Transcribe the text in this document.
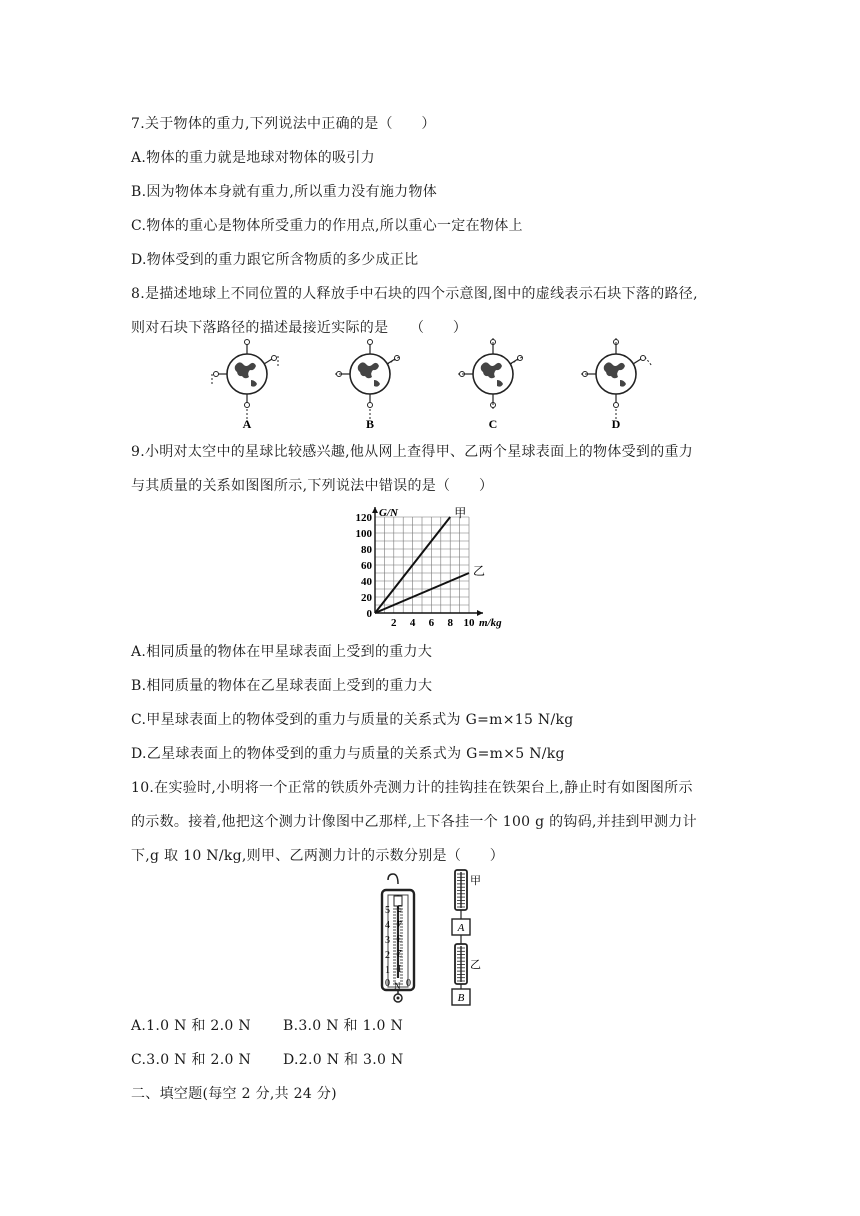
7.关于物体的重力,下列说法中正确的是（　　）
A.物体的重力就是地球对物体的吸引力
B.因为物体本身就有重力,所以重力没有施力物体
C.物体的重心是物体所受重力的作用点,所以重心一定在物体上
D.物体受到的重力跟它所含物质的多少成正比
8.是描述地球上不同位置的人释放手中石块的四个示意图,图中的虚线表示石块下落的路径,
则对石块下落路径的描述最接近实际的是　　（　　）
A	B	C	D
9.小明对太空中的星球比较感兴趣,他从网上查得甲、乙两个星球表面上的物体受到的重力
与其质量的关系如图图所示,下列说法中错误的是（　　）
0
20
40
60
80
100
120
2 4 6 8 10 m/kg
G/N	甲
乙
A.相同质量的物体在甲星球表面上受到的重力大
B.相同质量的物体在乙星球表面上受到的重力大
C.甲星球表面上的物体受到的重力与质量的关系式为 G=m×15 N/kg
D.乙星球表面上的物体受到的重力与质量的关系式为 G=m×5 N/kg
10.在实验时,小明将一个正常的铁质外壳测力计的挂钩挂在铁架台上,静止时有如图图所示
的示数。接着,他把这个测力计像图中乙那样,上下各挂一个 100 g 的钩码,并挂到甲测力计
下,g 取 10 N/kg,则甲、乙两测力计的示数分别是（　　）
5
4
3
2
1
0
5
4
3
2
1
0
N
甲
A
乙
B
A.1.0 N 和 2.0 N B.3.0 N 和 1.0 N
C.3.0 N 和 2.0 N D.2.0 N 和 3.0 N
二、填空题(每空 2 分,共 24 分)
